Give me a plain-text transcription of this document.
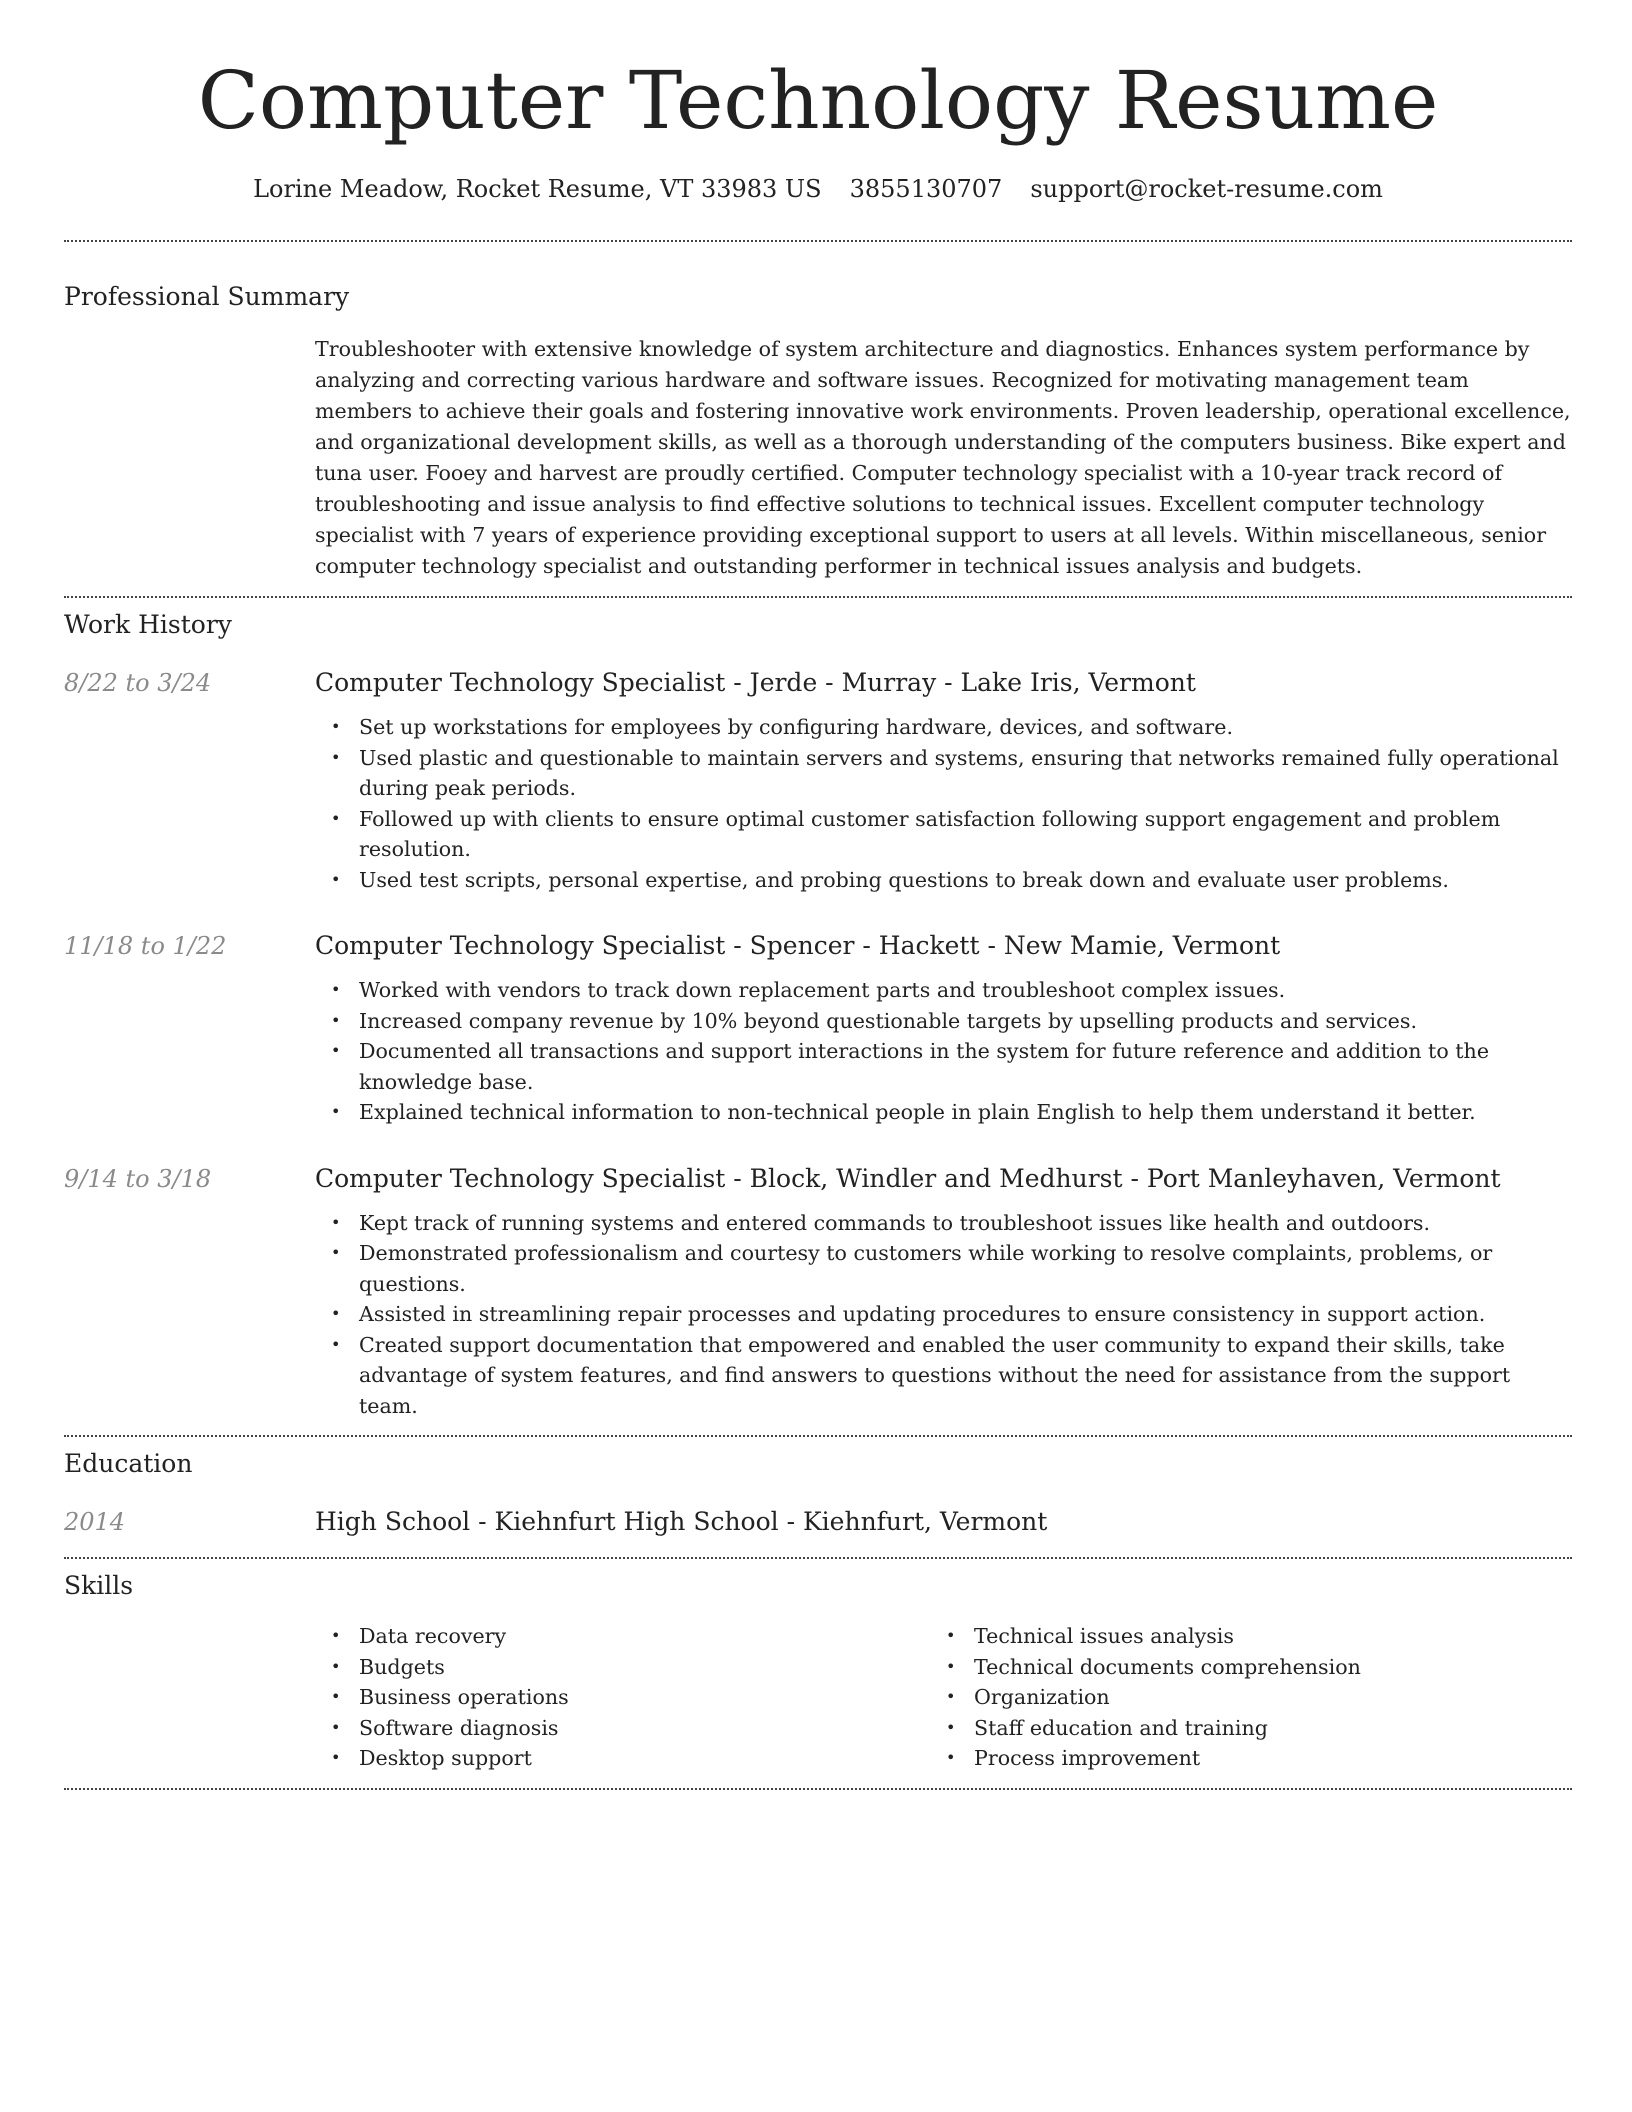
Computer Technology Resume
Lorine Meadow, Rocket Resume, VT 33983 US 3855130707 support@rocket-resume.com
Professional Summary

Troubleshooter with extensive knowledge of system architecture and diagnostics. Enhances system performance by analyzing and correcting various hardware and software issues. Recognized for motivating management team members to achieve their goals and fostering innovative work environments. Proven leadership, operational excellence, and organizational development skills, as well as a thorough understanding of the computers business. Bike expert and tuna user. Fooey and harvest are proudly certified. Computer technology specialist with a 10-year track record of troubleshooting and issue analysis to find effective solutions to technical issues. Excellent computer technology specialist with 7 years of experience providing exceptional support to users at all levels. Within miscellaneous, senior computer technology specialist and outstanding performer in technical issues analysis and budgets.

Work History
8/22 to 3/24	Computer Technology Specialist - Jerde - Murray - Lake Iris, Vermont
• Set up workstations for employees by configuring hardware, devices, and software.
• Used plastic and questionable to maintain servers and systems, ensuring that networks remained fully operational during peak periods.
• Followed up with clients to ensure optimal customer satisfaction following support engagement and problem resolution.
• Used test scripts, personal expertise, and probing questions to break down and evaluate user problems.
11/18 to 1/22	Computer Technology Specialist - Spencer - Hackett - New Mamie, Vermont
• Worked with vendors to track down replacement parts and troubleshoot complex issues.
• Increased company revenue by 10% beyond questionable targets by upselling products and services.
• Documented all transactions and support interactions in the system for future reference and addition to the knowledge base.
• Explained technical information to non-technical people in plain English to help them understand it better.
9/14 to 3/18	Computer Technology Specialist - Block, Windler and Medhurst - Port Manleyhaven, Vermont
• Kept track of running systems and entered commands to troubleshoot issues like health and outdoors.
• Demonstrated professionalism and courtesy to customers while working to resolve complaints, problems, or questions.
• Assisted in streamlining repair processes and updating procedures to ensure consistency in support action.
• Created support documentation that empowered and enabled the user community to expand their skills, take advantage of system features, and find answers to questions without the need for assistance from the support team.
Education
2014	High School - Kiehnfurt High School - Kiehnfurt, Vermont
Skills
• Data recovery
• Budgets
• Business operations
• Software diagnosis
• Desktop support
• Technical issues analysis
• Technical documents comprehension
• Organization
• Staff education and training
• Process improvement
